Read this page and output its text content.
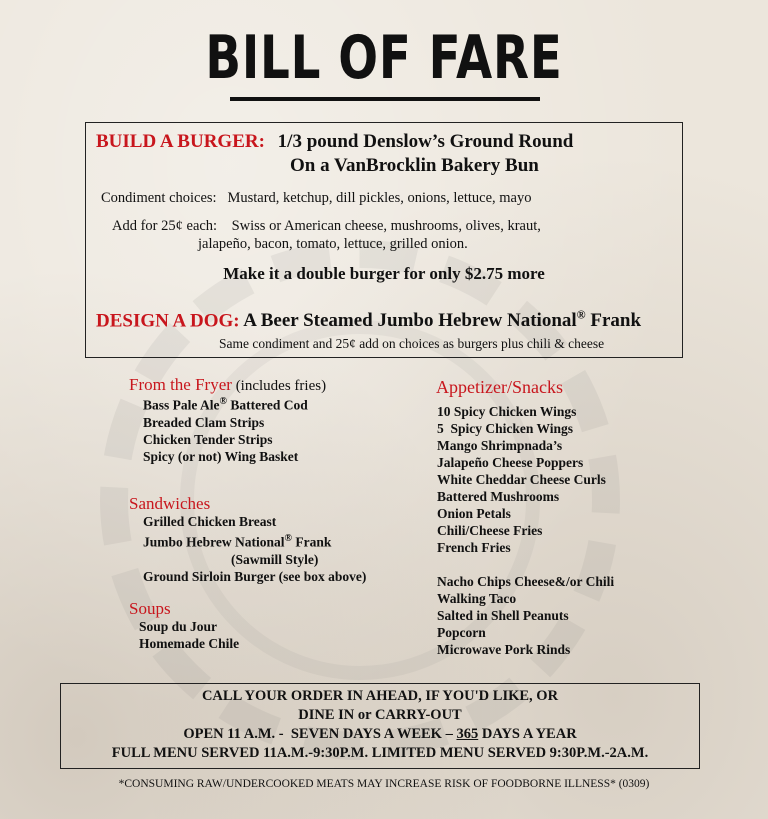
BILL OF FARE
BUILD A BURGER: 1/3 pound Denslow’s Ground Round
On a VanBrocklin Bakery Bun
Condiment choices:   Mustard, ketchup, dill pickles, onions, lettuce, mayo
Add for 25¢ each:    Swiss or American cheese, mushrooms, olives, kraut,
jalapeño, bacon, tomato, lettuce, grilled onion.
Make it a double burger for only $2.75 more
DESIGN A DOG: A Beer Steamed Jumbo Hebrew National® Frank
Same condiment and 25¢ add on choices as burgers plus chili & cheese
From the Fryer (includes fries)
Bass Pale Ale® Battered Cod
Breaded Clam Strips
Chicken Tender Strips
Spicy (or not) Wing Basket
Sandwiches
Grilled Chicken Breast
Jumbo Hebrew National® Frank
(Sawmill Style)
Ground Sirloin Burger (see box above)
Soups
Soup du Jour
Homemade Chile
Appetizer/Snacks
10 Spicy Chicken Wings
5  Spicy Chicken Wings
Mango Shrimpnada’s
Jalapeño Cheese Poppers
White Cheddar Cheese Curls
Battered Mushrooms
Onion Petals
Chili/Cheese Fries
French Fries
Nacho Chips Cheese&/or Chili
Walking Taco
Salted in Shell Peanuts
Popcorn
Microwave Pork Rinds
CALL YOUR ORDER IN AHEAD, IF YOU'D LIKE, OR
DINE IN or CARRY-OUT
OPEN 11 A.M. -  SEVEN DAYS A WEEK – 365 DAYS A YEAR
FULL MENU SERVED 11A.M.-9:30P.M. LIMITED MENU SERVED 9:30P.M.-2A.M.
*CONSUMING RAW/UNDERCOOKED MEATS MAY INCREASE RISK OF FOODBORNE ILLNESS* (0309)
